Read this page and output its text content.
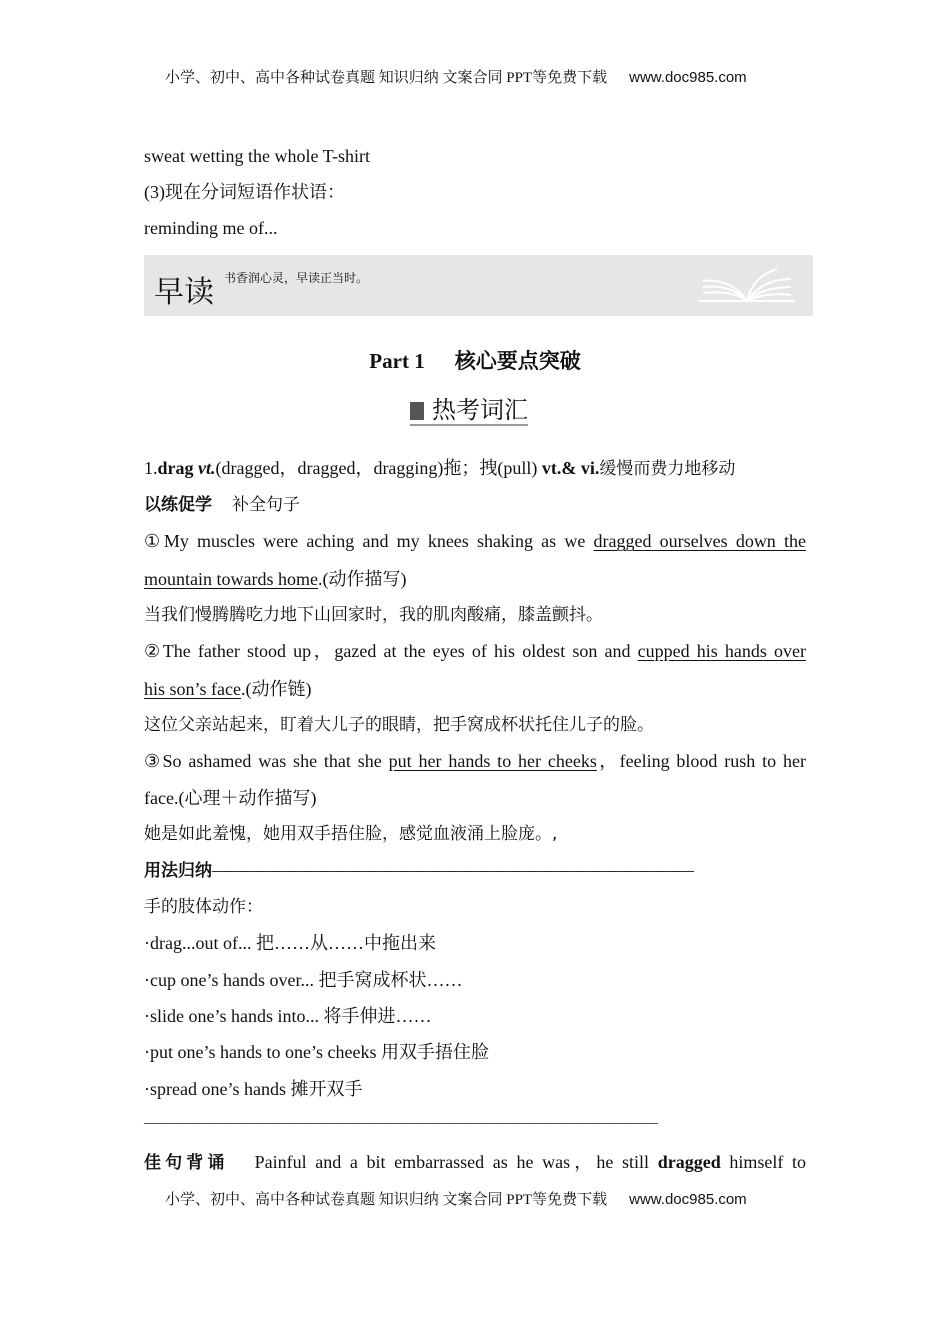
小学、初中、高中各种试卷真题 知识归纳 文案合同 PPT等免费下载 www.doc985.com
sweat wetting the whole T-shirt
(3)现在分词短语作状语：
reminding me of...
早读 书香润心灵，早读正当时。
Part 1 核心要点突破
热考词汇
1.drag vt.(dragged，dragged，dragging)拖；拽(pull) vt.& vi.缓慢而费力地移动
以练促学 补全句子
①My muscles were aching and my knees shaking as we dragged ourselves down the
mountain towards home.(动作描写)
当我们慢腾腾吃力地下山回家时，我的肌肉酸痛，膝盖颤抖。
②The father stood up，gazed at the eyes of his oldest son and cupped his hands over
his son’s face.(动作链)
这位父亲站起来，盯着大儿子的眼睛，把手窝成杯状托住儿子的脸。
③So ashamed was she that she put her hands to her cheeks，feeling blood rush to her
face.(心理＋动作描写)
她是如此羞愧，她用双手捂住脸，感觉血液涌上脸庞。,
用法归纳——————————————————————————————
手的肢体动作：
·drag...out of... 把……从……中拖出来
·cup one’s hands over... 把手窝成杯状……
·slide one’s hands into... 将手伸进……
·put one’s hands to one’s cheeks 用双手捂住脸
·spread one’s hands 摊开双手
————————————————————————————————
佳句背诵 Painful and a bit embarrassed as he was，he still dragged himself to
小学、初中、高中各种试卷真题 知识归纳 文案合同 PPT等免费下载 www.doc985.com
